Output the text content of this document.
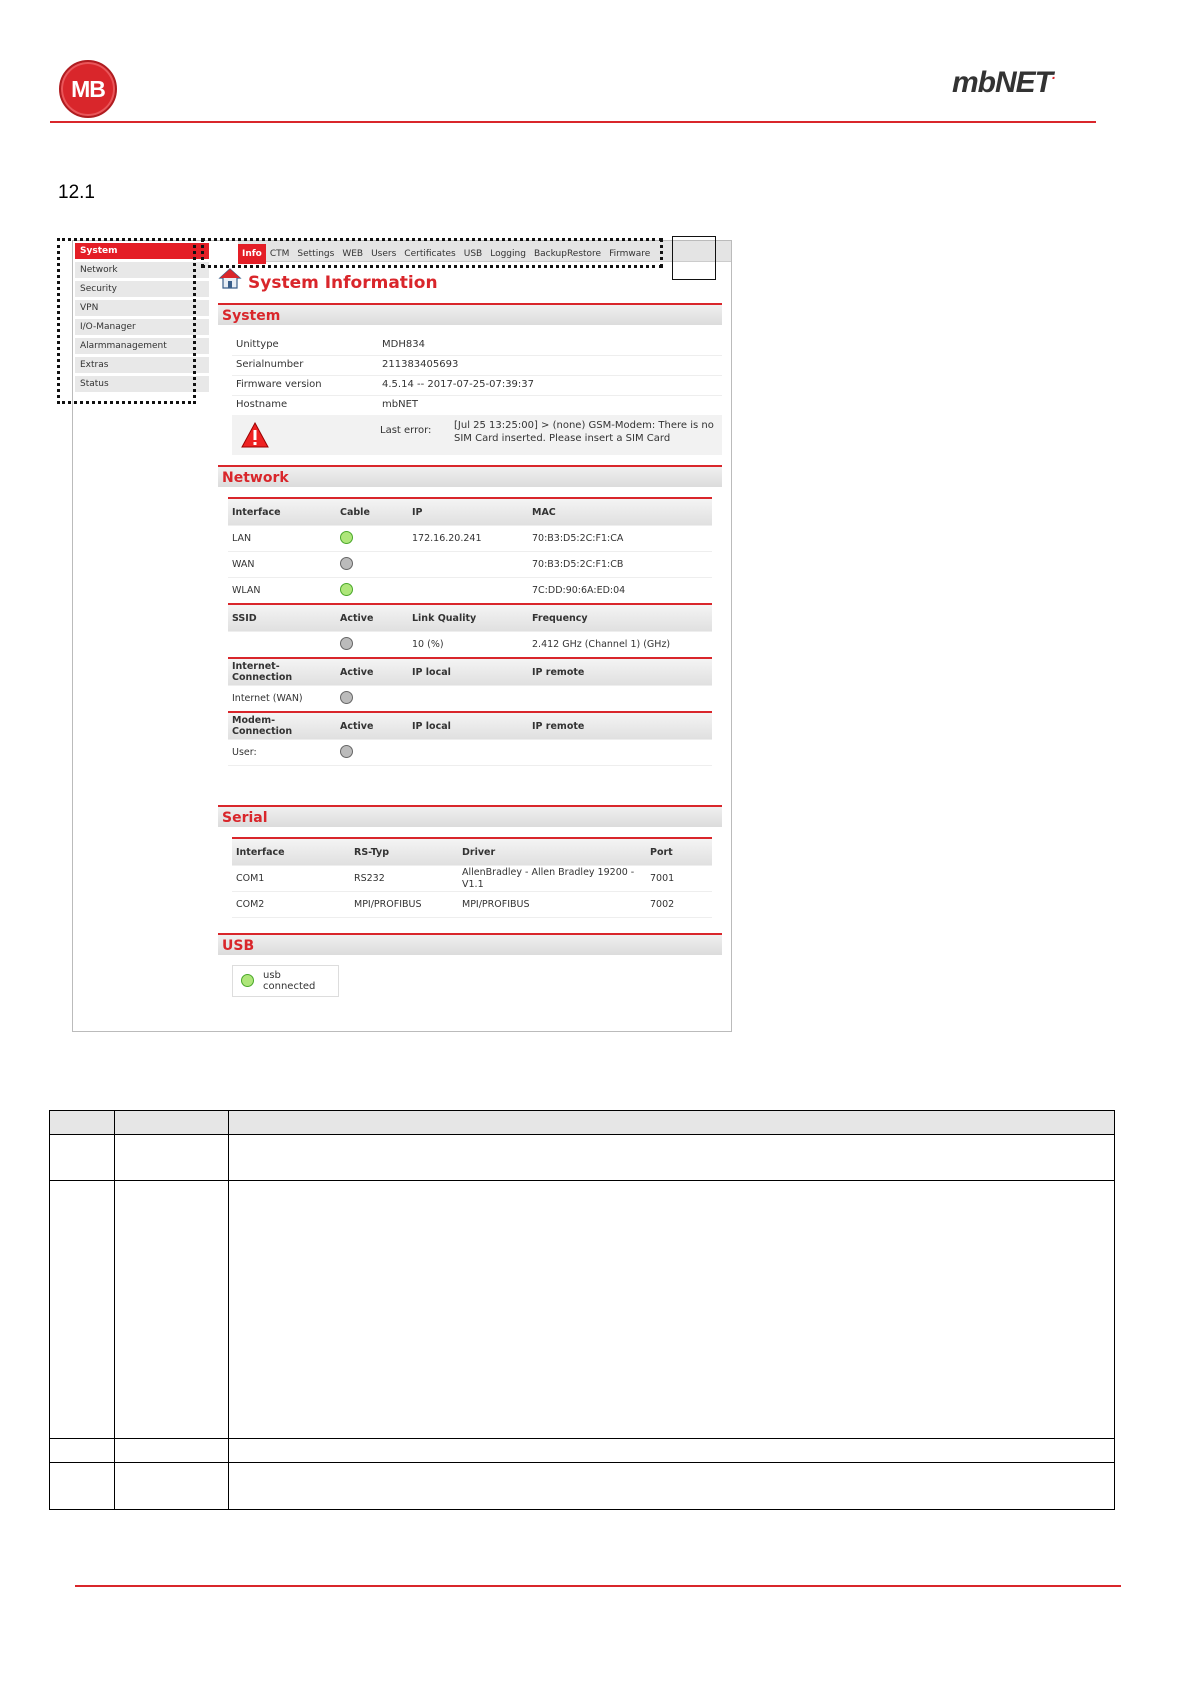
MB	mbNET.
12.1
System
Network
Security
VPN
I/O-Manager
Alarmmanagement
Extras
Status
Info CTM Settings WEB Users Certificates USB Logging BackupRestore Firmware
System Information
System
Unittype	MDH834
Serialnumber	211383405693
Firmware version	4.5.14 -- 2017-07-25-07:39:37
Hostname	mbNET
Last error: [Jul 25 13:25:00] > (none) GSM-Modem: There is no SIM Card inserted. Please insert a SIM Card
Network
Interface	Cable	IP	MAC
LAN		172.16.20.241	70:B3:D5:2C:F1:CA
WAN			70:B3:D5:2C:F1:CB
WLAN			7C:DD:90:6A:ED:04
SSID	Active	Link Quality	Frequency
		10 (%)	2.412 GHz (Channel 1) (GHz)
Internet-Connection	Active	IP local	IP remote
Internet (WAN)			
Modem-Connection	Active	IP local	IP remote
User:			
Serial
Interface	RS-Typ	Driver	Port
COM1	RS232	AllenBradley - Allen Bradley 19200 - V1.1	7001
COM2	MPI/PROFIBUS	MPI/PROFIBUS	7002
USB
usb connected
